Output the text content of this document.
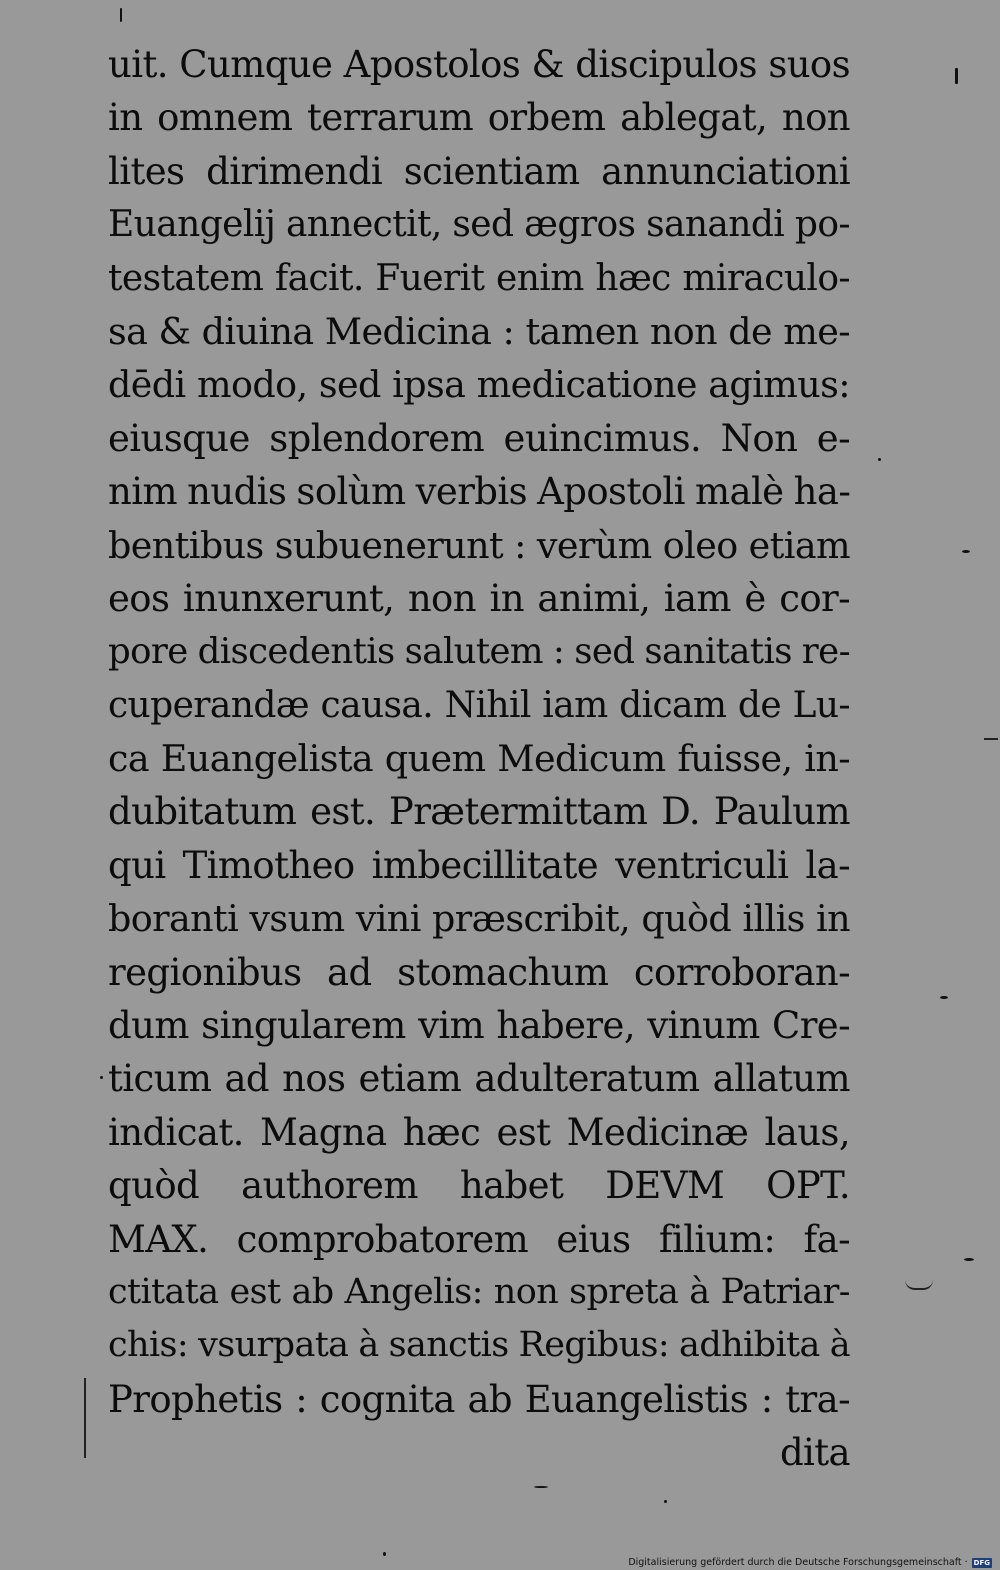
uit. Cumque Apostolos & discipulos suos
in omnem terrarum orbem ablegat, non
lites dirimendi scientiam annunciationi
Euangelij annectit, sed ægros sanandi po-
testatem facit. Fuerit enim hæc miraculo-
sa & diuina Medicina : tamen non de me-
dēdi modo, sed ipsa medicatione agimus:
eiusque splendorem euincimus. Non e-
nim nudis solùm verbis Apostoli malè ha-
bentibus subuenerunt : verùm oleo etiam
eos inunxerunt, non in animi, iam è cor-
pore discedentis salutem : sed sanitatis re-
cuperandæ causa. Nihil iam dicam de Lu-
ca Euangelista quem Medicum fuisse, in-
dubitatum est. Prætermittam D. Paulum
qui Timotheo imbecillitate ventriculi la-
boranti vsum vini præscribit, quòd illis in
regionibus ad stomachum corroboran-
dum singularem vim habere, vinum Cre-
ticum ad nos etiam adulteratum allatum
indicat. Magna hæc est Medicinæ laus,
quòd authorem habet DEVM OPT.
MAX. comprobatorem eius filium: fa-
ctitata est ab Angelis: non spreta à Patriar-
chis: vsurpata à sanctis Regibus: adhibita à
Prophetis : cognita ab Euangelistis : tra-
dita
Digitalisierung gefördert durch die Deutsche Forschungsgemeinschaft · DFG
